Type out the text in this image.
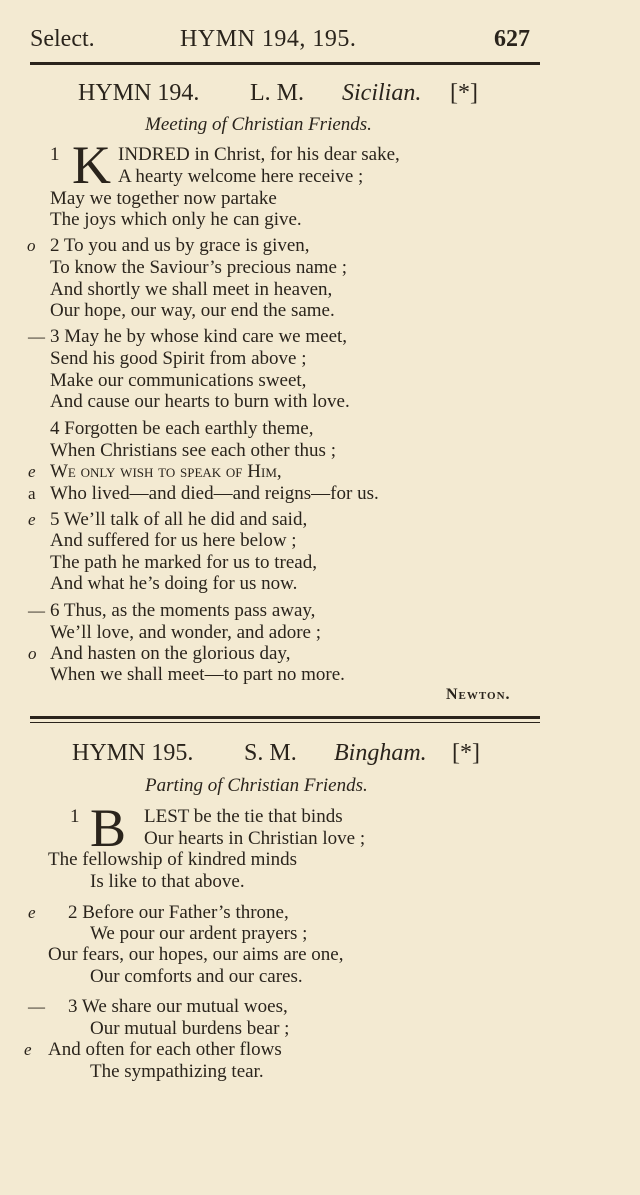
Select.	HYMN 194, 195.	627
HYMN 194. L. M. Sicilian. [*]
Meeting of Christian Friends.
1 K INDRED in Christ, for his dear sake,
A hearty welcome here receive ;
May we together now partake
The joys which only he can give.
o 2 To you and us by grace is given,
To know the Saviour’s precious name ;
And shortly we shall meet in heaven,
Our hope, our way, our end the same.
— 3 May he by whose kind care we meet,
Send his good Spirit from above ;
Make our communications sweet,
And cause our hearts to burn with love.
4 Forgotten be each earthly theme,
When Christians see each other thus ;
e We only wish to speak of Him,
a Who lived—and died—and reigns—for us.
e 5 We’ll talk of all he did and said,
And suffered for us here below ;
The path he marked for us to tread,
And what he’s doing for us now.
— 6 Thus, as the moments pass away,
We’ll love, and wonder, and adore ;
o And hasten on the glorious day,
When we shall meet—to part no more.
Newton.
HYMN 195. S. M. Bingham. [*]
Parting of Christian Friends.
1 B LEST be the tie that binds
Our hearts in Christian love ;
The fellowship of kindred minds
Is like to that above.
e 2 Before our Father’s throne,
We pour our ardent prayers ;
Our fears, our hopes, our aims are one,
Our comforts and our cares.
— 3 We share our mutual woes,
Our mutual burdens bear ;
e And often for each other flows
The sympathizing tear.
